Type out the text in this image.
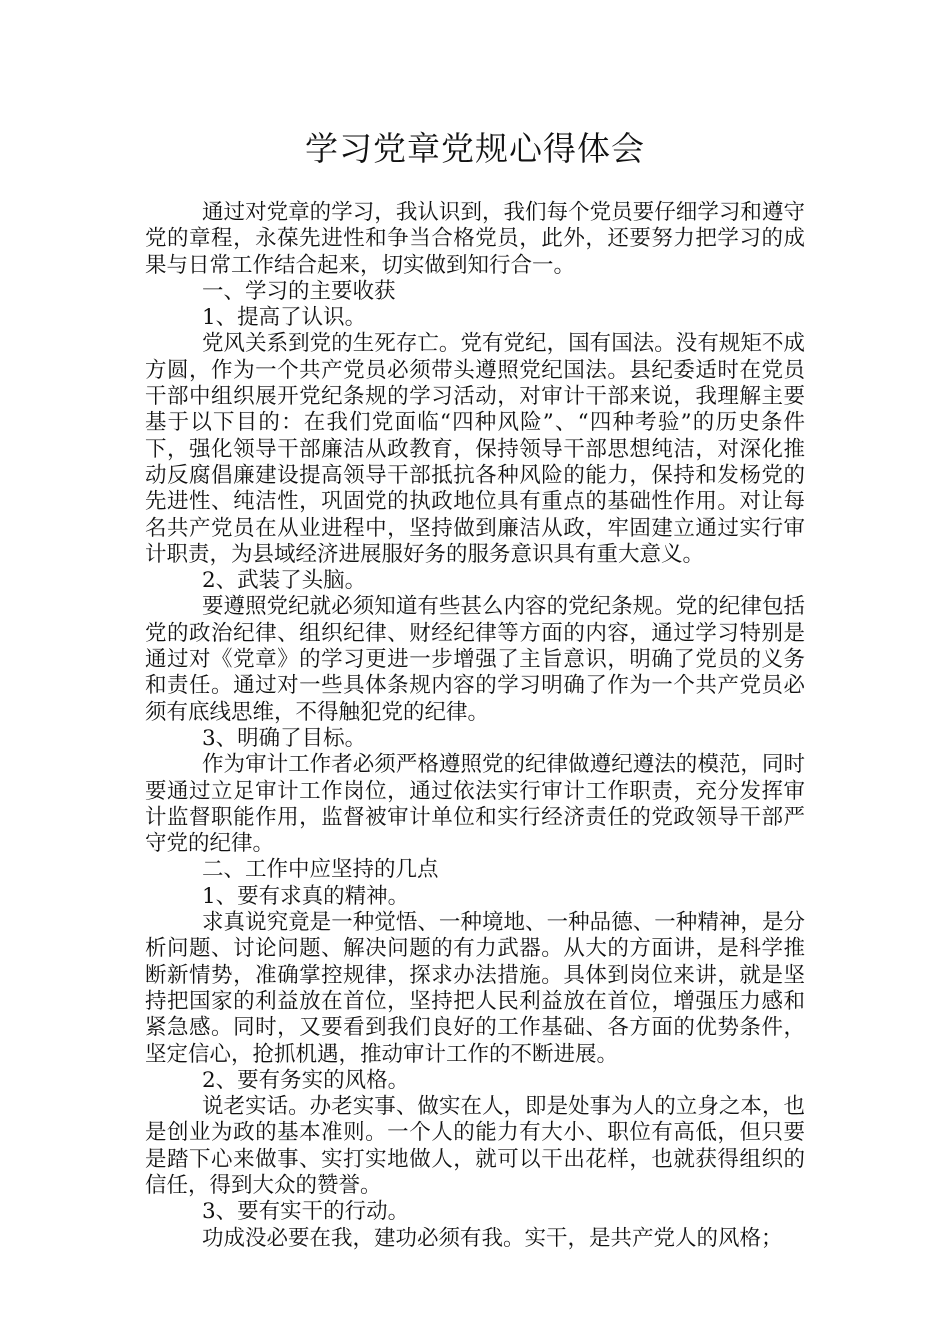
学习党章党规心得体会

通过对党章的学习，我认识到，我们每个党员要仔细学习和遵守党的章程，永葆先进性和争当合格党员，此外，还要努力把学习的成果与日常工作结合起来，切实做到知行合一。

一、学习的主要收获

1、提高了认识。

党风关系到党的生死存亡。党有党纪，国有国法。没有规矩不成方圆，作为一个共产党员必须带头遵照党纪国法。县纪委适时在党员干部中组织展开党纪条规的学习活动，对审计干部来说，我理解主要基于以下目的：在我们党面临“四种风险”、“四种考验”的历史条件下，强化领导干部廉洁从政教育，保持领导干部思想纯洁，对深化推动反腐倡廉建设提高领导干部抵抗各种风险的能力，保持和发杨党的先进性、纯洁性，巩固党的执政地位具有重点的基础性作用。对让每名共产党员在从业进程中，坚持做到廉洁从政，牢固建立通过实行审计职责，为县域经济进展服好务的服务意识具有重大意义。

2、武装了头脑。

要遵照党纪就必须知道有些甚么内容的党纪条规。党的纪律包括党的政治纪律、组织纪律、财经纪律等方面的内容，通过学习特别是通过对《党章》的学习更进一步增强了主旨意识，明确了党员的义务和责任。通过对一些具体条规内容的学习明确了作为一个共产党员必须有底线思维，不得触犯党的纪律。

3、明确了目标。

作为审计工作者必须严格遵照党的纪律做遵纪遵法的模范，同时要通过立足审计工作岗位，通过依法实行审计工作职责，充分发挥审计监督职能作用，监督被审计单位和实行经济责任的党政领导干部严守党的纪律。

二、工作中应坚持的几点

1、要有求真的精神。

求真说究竟是一种觉悟、一种境地、一种品德、一种精神，是分析问题、讨论问题、解决问题的有力武器。从大的方面讲，是科学推断新情势，准确掌控规律，探求办法措施。具体到岗位来讲，就是坚持把国家的利益放在首位，坚持把人民利益放在首位，增强压力感和紧急感。同时，又要看到我们良好的工作基础、各方面的优势条件，坚定信心，抢抓机遇，推动审计工作的不断进展。

2、要有务实的风格。

说老实话。办老实事、做实在人，即是处事为人的立身之本，也是创业为政的基本准则。一个人的能力有大小、职位有高低，但只要是踏下心来做事、实打实地做人，就可以干出花样，也就获得组织的信任，得到大众的赞誉。

3、要有实干的行动。

功成没必要在我，建功必须有我。实干，是共产党人的风格；
